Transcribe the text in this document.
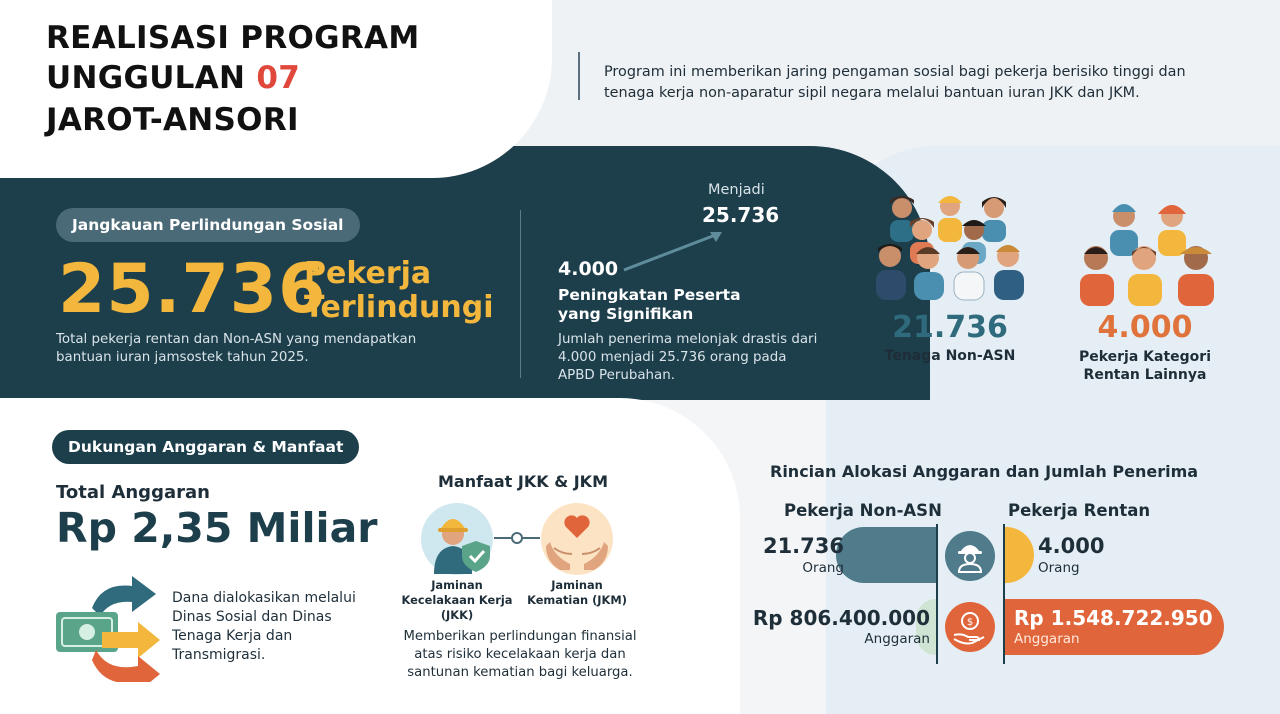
REALISASI PROGRAM
UNGGULAN 07
JAROT-ANSORI
Program ini memberikan jaring pengaman sosial bagi pekerja berisiko tinggi dan tenaga kerja non-aparatur sipil negara melalui bantuan iuran JKK dan JKM.
Jangkauan Perlindungan Sosial
25.736
Pekerja
Terlindungi
Total pekerja rentan dan Non-ASN yang mendapatkan bantuan iuran jamsostek tahun 2025.
Menjadi
25.736
4.000
Peningkatan Peserta yang Signifikan
Jumlah penerima melonjak drastis dari 4.000 menjadi 25.736 orang pada APBD Perubahan.
21.736
Tenaga Non-ASN
4.000
Pekerja Kategori Rentan Lainnya
Dukungan Anggaran & Manfaat
Total Anggaran
Rp 2,35 Miliar
Dana dialokasikan melalui Dinas Sosial dan Dinas Tenaga Kerja dan Transmigrasi.
Manfaat JKK & JKM
Jaminan Kecelakaan Kerja (JKK)
Jaminan Kematian (JKM)
Memberikan perlindungan finansial atas risiko kecelakaan kerja dan santunan kematian bagi keluarga.
Rincian Alokasi Anggaran dan Jumlah Penerima
Pekerja Non-ASN	Pekerja Rentan
$
21.736
Orang
4.000
Orang
Rp 806.400.000
Anggaran
Rp 1.548.722.950
Anggaran
